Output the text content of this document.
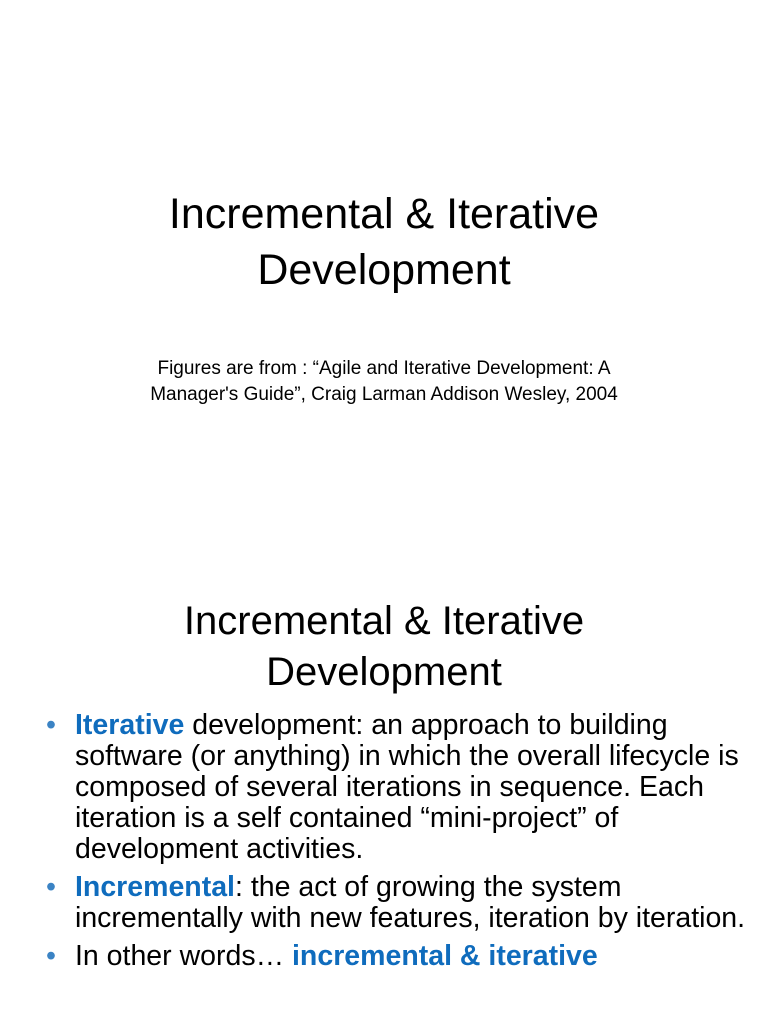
Incremental & Iterative
Development
Figures are from : “Agile and Iterative Development: A
Manager's Guide”, Craig Larman Addison Wesley, 2004
Incremental & Iterative
Development
• Iterative development: an approach to building software (or anything) in which the overall lifecycle is composed of several iterations in sequence. Each iteration is a self contained “mini-project” of development activities.
• Incremental: the act of growing the system incrementally with new features, iteration by iteration.
• In other words… incremental & iterative
